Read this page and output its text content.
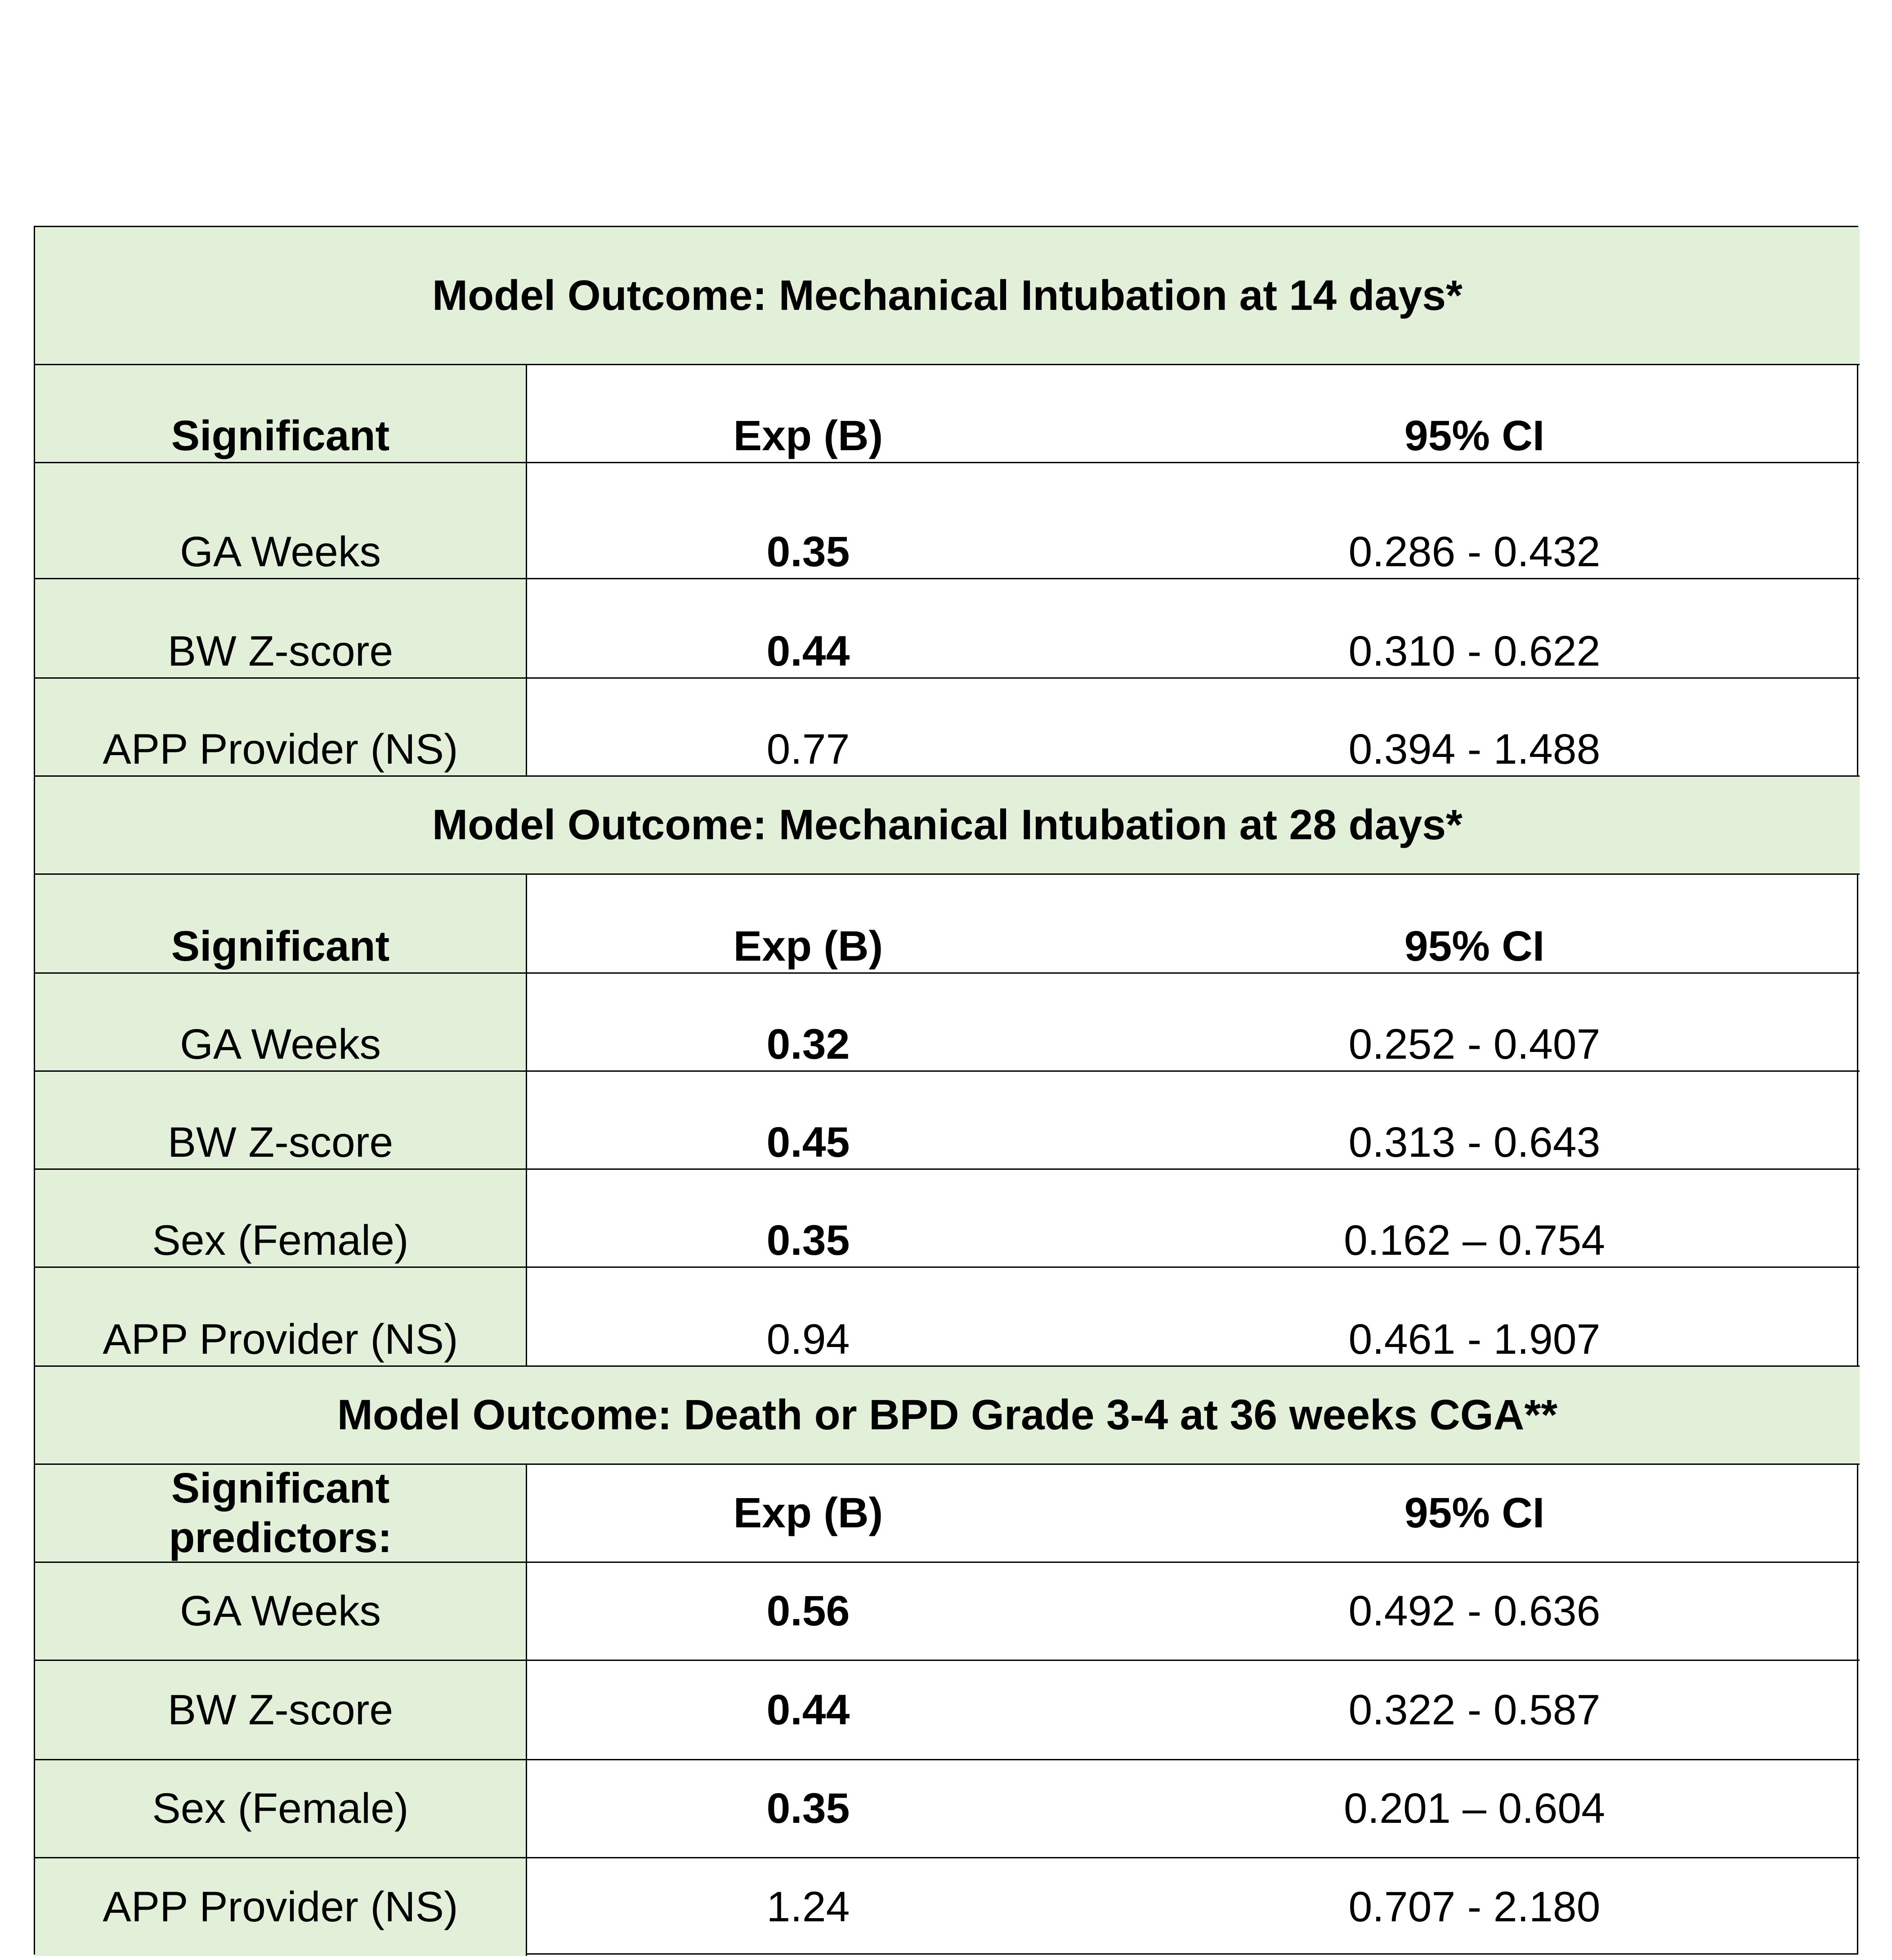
Model Outcome: Mechanical Intubation at 14 days*
Significant	Exp (B)	95% CI
GA Weeks	0.35	0.286 - 0.432
BW Z-score	0.44	0.310 - 0.622
APP Provider (NS)	0.77	0.394 - 1.488
Model Outcome: Mechanical Intubation at 28 days*
Significant	Exp (B)	95% CI
GA Weeks	0.32	0.252 - 0.407
BW Z-score	0.45	0.313 - 0.643
Sex (Female)	0.35	0.162 – 0.754
APP Provider (NS)	0.94	0.461 - 1.907
Model Outcome: Death or BPD Grade 3-4 at 36 weeks CGA**
Significant
predictors:
Exp (B)	95% CI
GA Weeks	0.56	0.492 - 0.636
BW Z-score	0.44	0.322 - 0.587
Sex (Female)	0.35	0.201 – 0.604
APP Provider (NS)	1.24	0.707 - 2.180
